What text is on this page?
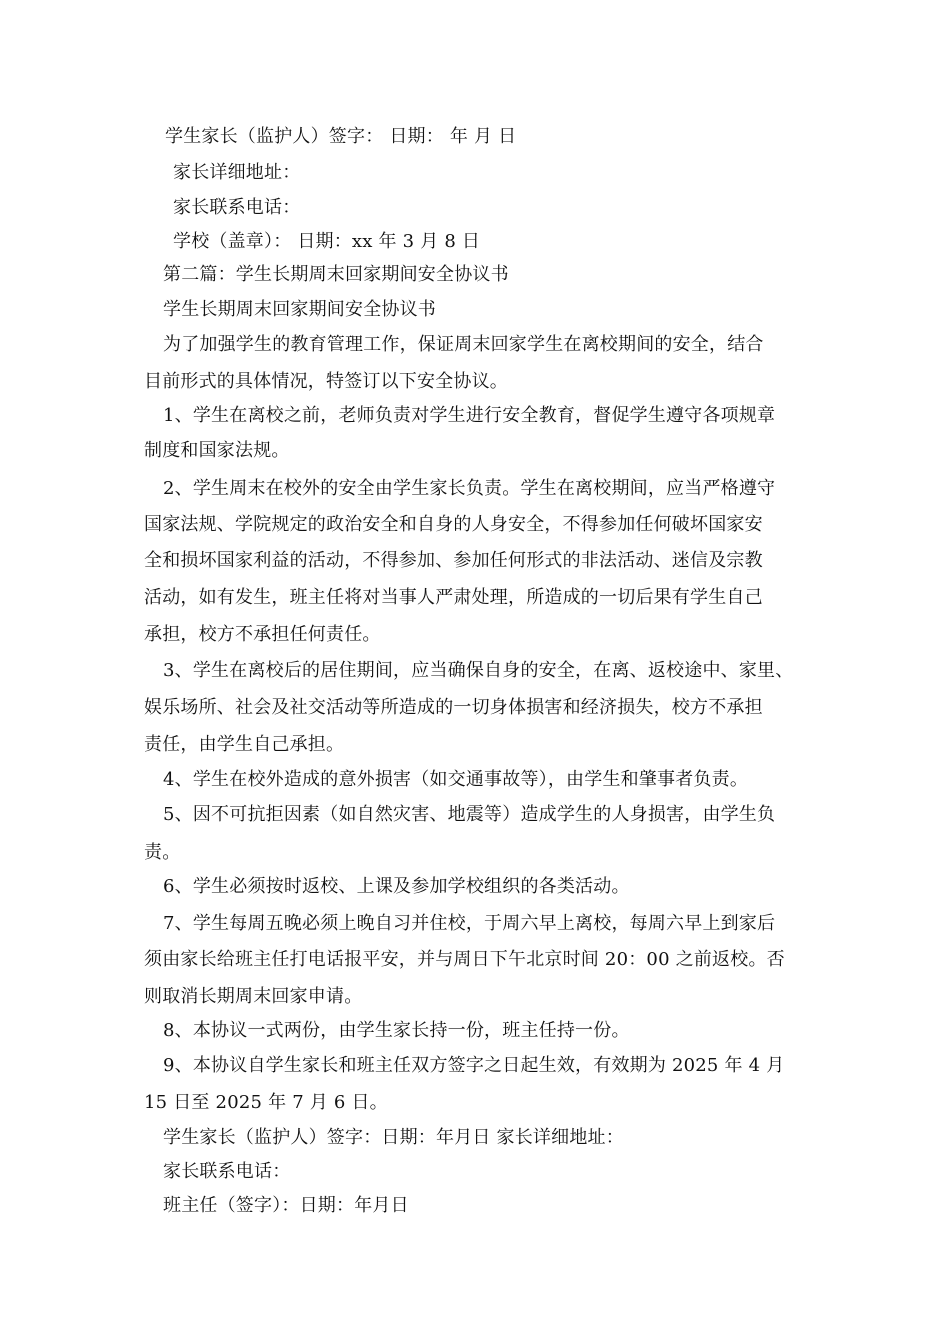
学生家长（监护人）签字： 日期： 年 月 日
家长详细地址：
家长联系电话：
学校（盖章）： 日期：xx 年 3 月 8 日
第二篇：学生长期周末回家期间安全协议书
学生长期周末回家期间安全协议书
为了加强学生的教育管理工作，保证周末回家学生在离校期间的安全，结合
目前形式的具体情况，特签订以下安全协议。
1、学生在离校之前，老师负责对学生进行安全教育，督促学生遵守各项规章
制度和国家法规。
2、学生周末在校外的安全由学生家长负责。学生在离校期间，应当严格遵守
国家法规、学院规定的政治安全和自身的人身安全，不得参加任何破坏国家安
全和损坏国家利益的活动，不得参加、参加任何形式的非法活动、迷信及宗教
活动，如有发生，班主任将对当事人严肃处理，所造成的一切后果有学生自己
承担，校方不承担任何责任。
3、学生在离校后的居住期间，应当确保自身的安全，在离、返校途中、家里、
娱乐场所、社会及社交活动等所造成的一切身体损害和经济损失，校方不承担
责任，由学生自己承担。
4、学生在校外造成的意外损害（如交通事故等），由学生和肇事者负责。
5、因不可抗拒因素（如自然灾害、地震等）造成学生的人身损害，由学生负
责。
6、学生必须按时返校、上课及参加学校组织的各类活动。
7、学生每周五晚必须上晚自习并住校，于周六早上离校，每周六早上到家后
须由家长给班主任打电话报平安，并与周日下午北京时间 20：00 之前返校。否
则取消长期周末回家申请。
8、本协议一式两份，由学生家长持一份，班主任持一份。
9、本协议自学生家长和班主任双方签字之日起生效，有效期为 2025 年 4 月
15 日至 2025 年 7 月 6 日。
学生家长（监护人）签字：日期：年月日 家长详细地址：
家长联系电话：
班主任（签字）：日期：年月日
